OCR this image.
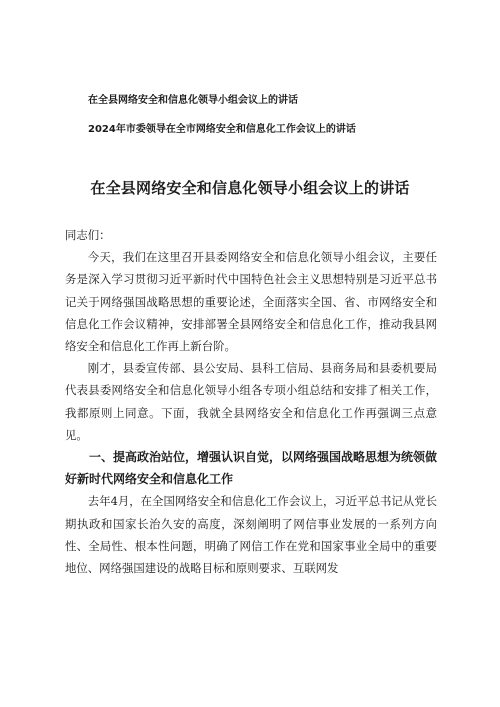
在全县网络安全和信息化领导小组会议上的讲话
2024年市委领导在全市网络安全和信息化工作会议上的讲话
在全县网络安全和信息化领导小组会议上的讲话

同志们：

今天，我们在这里召开县委网络安全和信息化领导小组会议，主要任务是深入学习贯彻习近平新时代中国特色社会主义思想特别是习近平总书记关于网络强国战略思想的重要论述，全面落实全国、省、市网络安全和信息化工作会议精神，安排部署全县网络安全和信息化工作，推动我县网络安全和信息化工作再上新台阶。

刚才，县委宣传部、县公安局、县科工信局、县商务局和县委机要局代表县委网络安全和信息化领导小组各专项小组总结和安排了相关工作，我都原则上同意。下面，我就全县网络安全和信息化工作再强调三点意见。

一、提高政治站位，增强认识自觉，以网络强国战略思想为统领做好新时代网络安全和信息化工作

去年4月，在全国网络安全和信息化工作会议上，习近平总书记从党长期执政和国家长治久安的高度，深刻阐明了网信事业发展的一系列方向性、全局性、根本性问题，明确了网信工作在党和国家事业全局中的重要地位、网络强国建设的战略目标和原则要求、互联网发
